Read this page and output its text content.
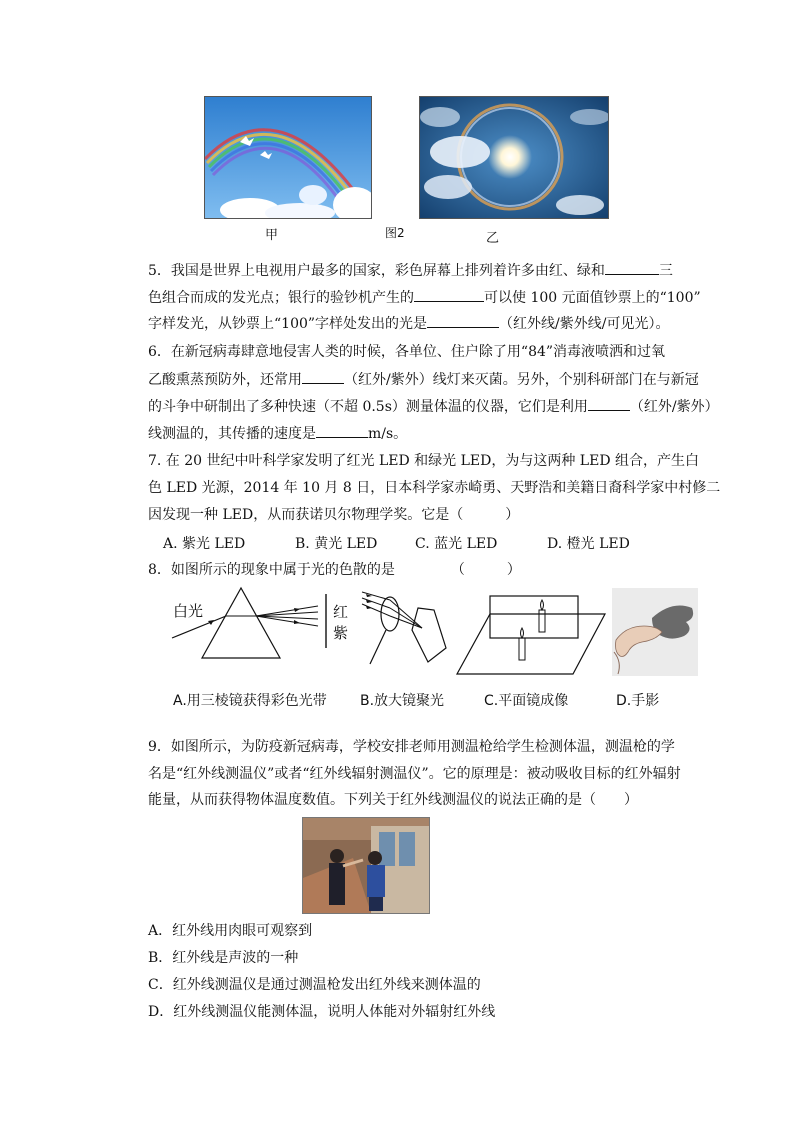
甲	图2	乙
5．我国是世界上电视用户最多的国家，彩色屏幕上排列着许多由红、绿和	三
色组合而成的发光点；银行的验钞机产生的	可以使 100 元面值钞票上的“100”
字样发光，从钞票上“100”字样处发出的光是	（红外线/紫外线/可见光）。
6．在新冠病毒肆意地侵害人类的时候，各单位、住户除了用“84”消毒液喷洒和过氧
乙酸熏蒸预防外，还常用	（红外/紫外）线灯来灭菌。另外，个别科研部门在与新冠
的斗争中研制出了多种快速（不超 0.5s）测量体温的仪器，它们是利用	（红外/紫外）
线测温的，其传播的速度是	m/s。
7. 在 20 世纪中叶科学家发明了红光 LED 和绿光 LED，为与这两种 LED 组合，产生白
色 LED 光源，2014 年 10 月 8 日，日本科学家赤崎勇、天野浩和美籍日裔科学家中村修二
因发现一种 LED，从而获诺贝尔物理学奖。它是（　　　）
A. 紫光 LED	B. 黄光 LED	C. 蓝光 LED	D. 橙光 LED
8．如图所示的现象中属于光的色散的是	（　　　）
白光	红
紫
A.用三棱镜获得彩色光带 B.放大镜聚光	C.平面镜成像	D.手影
9．如图所示，为防疫新冠病毒，学校安排老师用测温枪给学生检测体温，测温枪的学
名是“红外线测温仪”或者“红外线辐射测温仪”。它的原理是：被动吸收目标的红外辐射
能量，从而获得物体温度数值。下列关于红外线测温仪的说法正确的是（　　）
A．红外线用肉眼可观察到
B．红外线是声波的一种
C．红外线测温仪是通过测温枪发出红外线来测体温的
D．红外线测温仪能测体温，说明人体能对外辐射红外线
